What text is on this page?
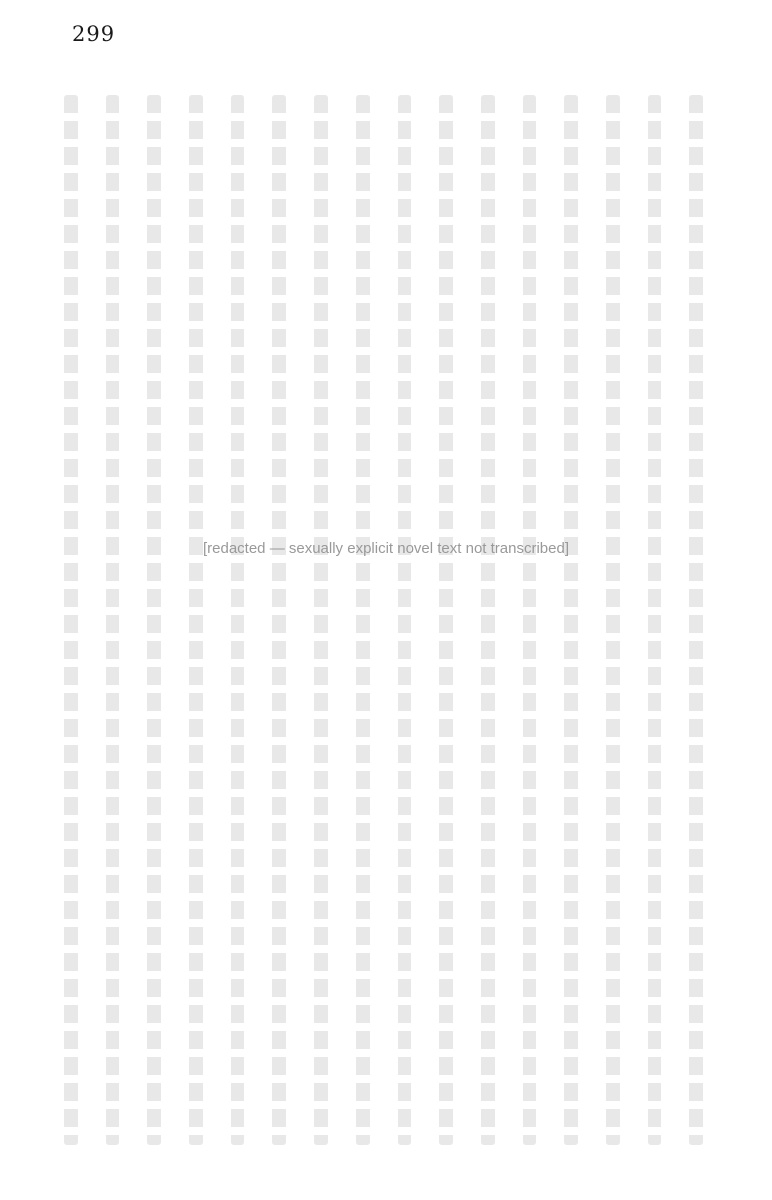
299
[redacted — sexually explicit novel text not transcribed]
